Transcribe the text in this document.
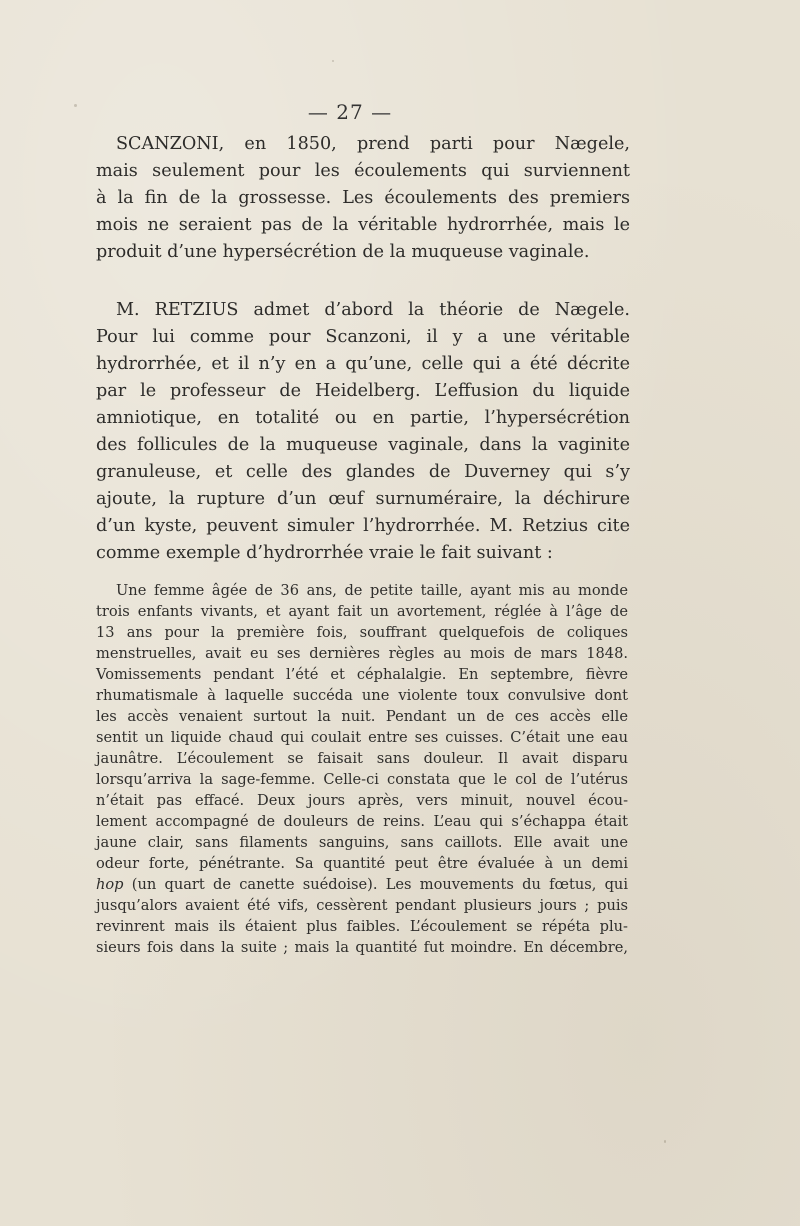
— 27 —
SCANZONI, en 1850, prend parti pour Nægele,
mais seulement pour les écoulements qui surviennent
à la fin de la grossesse. Les écoulements des premiers
mois ne seraient pas de la véritable hydrorrhée, mais le
produit d’une hypersécrétion de la muqueuse vaginale.
M. RETZIUS admet d’abord la théorie de Nægele.
Pour lui comme pour Scanzoni, il y a une véritable
hydrorrhée, et il n’y en a qu’une, celle qui a été décrite
par le professeur de Heidelberg. L’effusion du liquide
amniotique, en totalité ou en partie, l’hypersécrétion
des follicules de la muqueuse vaginale, dans la vaginite
granuleuse, et celle des glandes de Duverney qui s’y
ajoute, la rupture d’un œuf surnuméraire, la déchirure
d’un kyste, peuvent simuler l’hydrorrhée. M. Retzius cite
comme exemple d’hydrorrhée vraie le fait suivant :
Une femme âgée de 36 ans, de petite taille, ayant mis au monde
trois enfants vivants, et ayant fait un avortement, réglée à l’âge de
13 ans pour la première fois, souffrant quelquefois de coliques
menstruelles, avait eu ses dernières règles au mois de mars 1848.
Vomissements pendant l’été et céphalalgie. En septembre, fièvre
rhumatismale à laquelle succéda une violente toux convulsive dont
les accès venaient surtout la nuit. Pendant un de ces accès elle
sentit un liquide chaud qui coulait entre ses cuisses. C’était une eau
jaunâtre. L’écoulement se faisait sans douleur. Il avait disparu
lorsqu’arriva la sage-femme. Celle-ci constata que le col de l’utérus
n’était pas effacé. Deux jours après, vers minuit, nouvel écou-
lement accompagné de douleurs de reins. L’eau qui s’échappa était
jaune clair, sans filaments sanguins, sans caillots. Elle avait une
odeur forte, pénétrante. Sa quantité peut être évaluée à un demi
hop (un quart de canette suédoise). Les mouvements du fœtus, qui
jusqu’alors avaient été vifs, cessèrent pendant plusieurs jours ; puis
revinrent mais ils étaient plus faibles. L’écoulement se répéta plu-
sieurs fois dans la suite ; mais la quantité fut moindre. En décembre,
